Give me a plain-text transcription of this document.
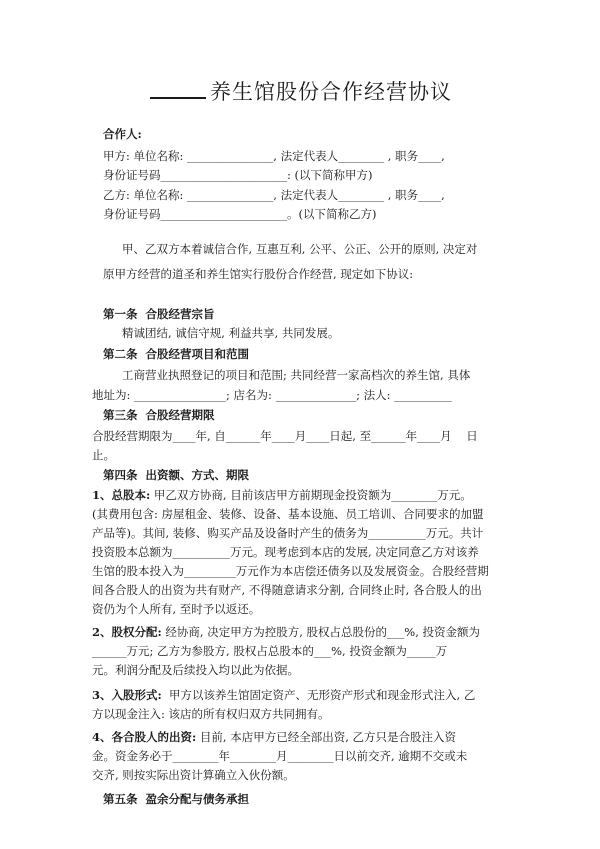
养生馆股份合作经营协议
合作人:
甲方: 单位名称: _______________, 法定代表人________ , 职务____,
身份证号码______________________: (以下简称甲方)
乙方: 单位名称: _______________, 法定代表人________ , 职务____,
身份证号码______________________。(以下简称乙方)
甲、乙双方本着诚信合作, 互惠互利, 公平、公正、公开的原则, 决定对
原甲方经营的道圣和养生馆实行股份合作经营, 现定如下协议:
第一条  合股经营宗旨
精诚团结, 诚信守规, 利益共享, 共同发展。
第二条  合股经营项目和范围
工商营业执照登记的项目和范围; 共同经营一家高档次的养生馆, 具体
地址为: ________________; 店名为: ______________; 法人: __________
第三条  合股经营期限
合股经营期限为____年, 自______年____月____日起, 至______年____月    日
止。
第四条  出资额、方式、期限
1、总股本: 甲乙双方协商, 目前该店甲方前期现金投资额为________万元。
(其费用包含: 房屋租金、装修、设备、基本设施、员工培训、合同要求的加盟
产品等)。其间, 装修、购买产品及设备时产生的债务为__________万元。共计
投资股本总额为__________万元。现考虑到本店的发展, 决定同意乙方对该养
生馆的股本投入为_________万元作为本店偿还债务以及发展资金。合股经营期
间各合股人的出资为共有财产, 不得随意请求分割, 合同终止时, 各合股人的出
资仍为个人所有, 至时予以返还。
2、股权分配: 经协商, 决定甲方为控股方, 股权占总股份的___%, 投资金额为
______万元; 乙方为参股方, 股权占总股本的___%, 投资金额为_____万
元。利润分配及后续投入均以此为依据。
3、入股形式:  甲方以该养生馆固定资产、无形资产形式和现金形式注入, 乙
方以现金注入: 该店的所有权归双方共同拥有。
4、各合股人的出资: 目前, 本店甲方已经全部出资, 乙方只是合股注入资
金。资金务必于________年________月________日以前交齐, 逾期不交或未
交齐, 则按实际出资计算确立入伙份额。
第五条  盈余分配与债务承担
